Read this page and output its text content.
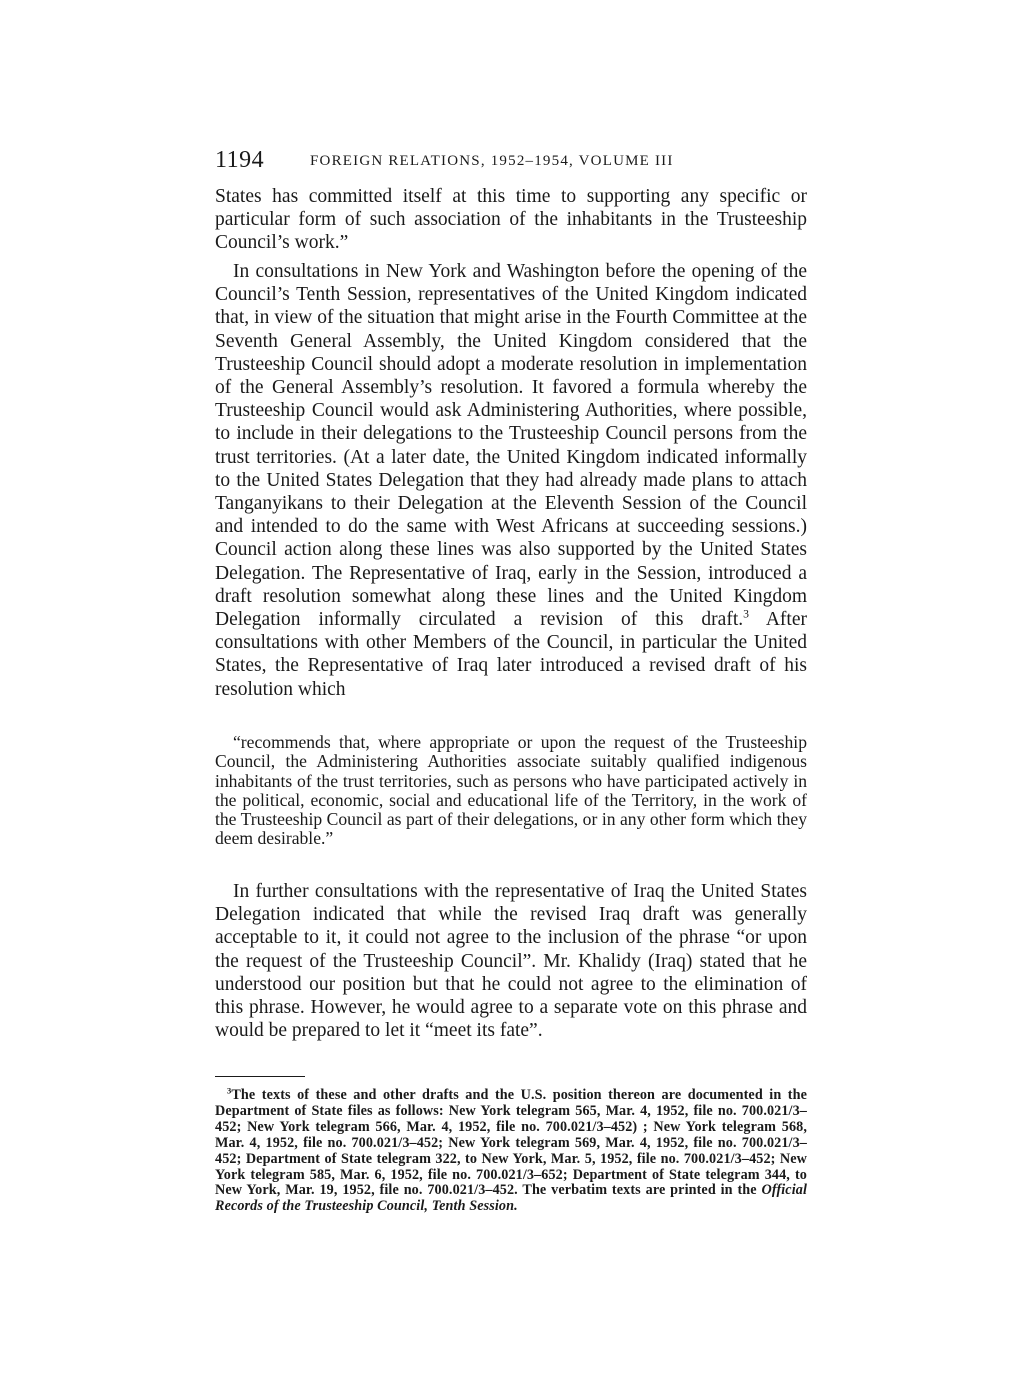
1194	FOREIGN RELATIONS, 1952–1954, VOLUME III

States has committed itself at this time to supporting any specific or particular form of such association of the inhabitants in the Trusteeship Council’s work.”

In consultations in New York and Washington before the opening of the Council’s Tenth Session, representatives of the United Kingdom indicated that, in view of the situation that might arise in the Fourth Committee at the Seventh General Assembly, the United Kingdom considered that the Trusteeship Council should adopt a moderate resolution in implementation of the General Assembly’s resolution. It favored a formula whereby the Trusteeship Council would ask Administering Authorities, where possible, to include in their delegations to the Trusteeship Council persons from the trust territories. (At a later date, the United Kingdom indicated informally to the United States Delegation that they had already made plans to attach Tanganyikans to their Delegation at the Eleventh Session of the Council and intended to do the same with West Africans at succeeding sessions.) Council action along these lines was also supported by the United States Delegation. The Representative of Iraq, early in the Session, introduced a draft resolution somewhat along these lines and the United Kingdom Delegation informally circulated a revision of this draft.$^3$ After consultations with other Members of the Council, in particular the United States, the Representative of Iraq later introduced a revised draft of his resolution which

“recommends that, where appropriate or upon the request of the Trusteeship Council, the Administering Authorities associate suitably qualified indigenous inhabitants of the trust territories, such as persons who have participated actively in the political, economic, social and educational life of the Territory, in the work of the Trusteeship Council as part of their delegations, or in any other form which they deem desirable.”

In further consultations with the representative of Iraq the United States Delegation indicated that while the revised Iraq draft was generally acceptable to it, it could not agree to the inclusion of the phrase “or upon the request of the Trusteeship Council”. Mr. Khalidy (Iraq) stated that he understood our position but that he could not agree to the elimination of this phrase. However, he would agree to a separate vote on this phrase and would be prepared to let it “meet its fate”.

$^3$The texts of these and other drafts and the U.S. position thereon are documented in the Department of State files as follows: New York telegram 565, Mar. 4, 1952, file no. 700.021/3–452; New York telegram 566, Mar. 4, 1952, file no. 700.021/3–452) ; New York telegram 568, Mar. 4, 1952, file no. 700.021/3–452; New York telegram 569, Mar. 4, 1952, file no. 700.021/3–452; Department of State telegram 322, to New York, Mar. 5, 1952, file no. 700.021/3–452; New York telegram 585, Mar. 6, 1952, file no. 700.021/3–652; Department of State telegram 344, to New York, Mar. 19, 1952, file no. 700.021/3–452. The verbatim texts are printed in the Official Records of the Trusteeship Council, Tenth Session.
